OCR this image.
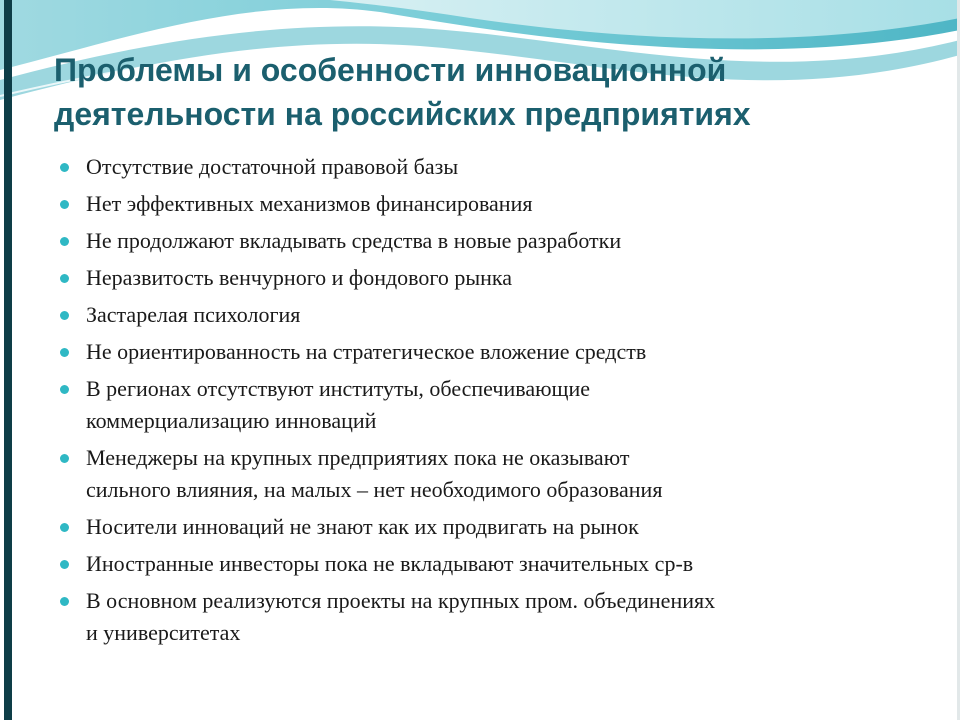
Проблемы и особенности инновационной
деятельности на российских предприятиях
Отсутствие достаточной правовой базы
Нет эффективных механизмов финансирования
Не продолжают вкладывать средства в новые разработки
Неразвитость венчурного и фондового рынка
Застарелая психология
Не ориентированность на стратегическое вложение средств
В регионах отсутствуют институты, обеспечивающие
коммерциализацию инноваций
Менеджеры на крупных предприятиях пока не оказывают
сильного влияния, на малых – нет необходимого образования
Носители инноваций не знают как их продвигать на рынок
Иностранные инвесторы пока не вкладывают значительных ср-в
В основном реализуются проекты на крупных пром. объединениях
и университетах
